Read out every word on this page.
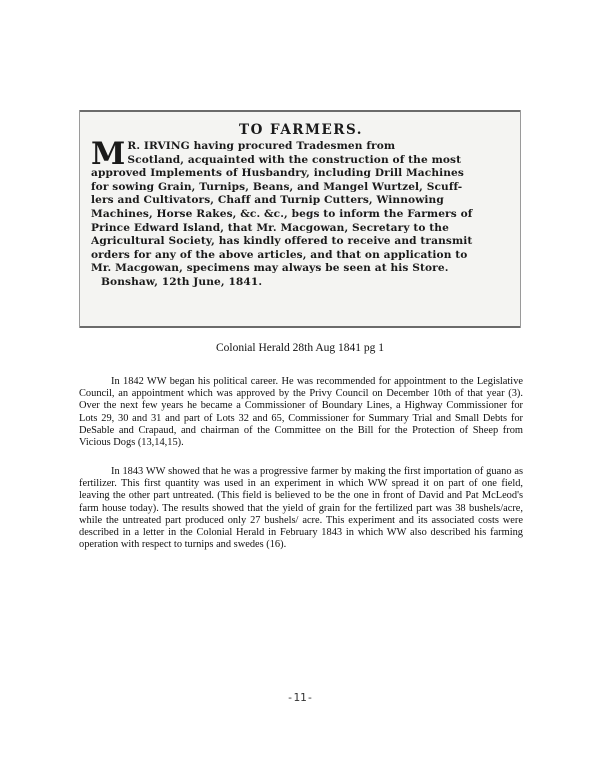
TO FARMERS.
M R. IRVING having procured Tradesmen from
Scotland, acquainted with the construction of the most
approved Implements of Husbandry, including Drill Machines
for sowing Grain, Turnips, Beans, and Mangel Wurtzel, Scuff-
lers and Cultivators, Chaff and Turnip Cutters, Winnowing
Machines, Horse Rakes, &c. &c., begs to inform the Farmers of
Prince Edward Island, that Mr. Macgowan, Secretary to the
Agricultural Society, has kindly offered to receive and transmit
orders for any of the above articles, and that on application to
Mr. Macgowan, specimens may always be seen at his Store.
Bonshaw, 12th June, 1841.
Colonial Herald 28th Aug 1841 pg 1
In 1842 WW began his political career. He was recommended for appointment to the Legislative Council, an appointment which was approved by the Privy Council on December 10th of that year (3). Over the next few years he became a Commissioner of Boundary Lines, a Highway Commissioner for Lots 29, 30 and 31 and part of Lots 32 and 65, Commissioner for Summary Trial and Small Debts for DeSable and Crapaud, and chairman of the Committee on the Bill for the Protection of Sheep from Vicious Dogs (13,14,15).
In 1843 WW showed that he was a progressive farmer by making the first importation of guano as fertilizer. This first quantity was used in an experiment in which WW spread it on part of one field, leaving the other part untreated. (This field is believed to be the one in front of David and Pat McLeod's farm house today). The results showed that the yield of grain for the fertilized part was 38 bushels/acre, while the untreated part produced only 27 bushels/ acre. This experiment and its associated costs were described in a letter in the Colonial Herald in February 1843 in which WW also described his farming operation with respect to turnips and swedes (16).
-11-
